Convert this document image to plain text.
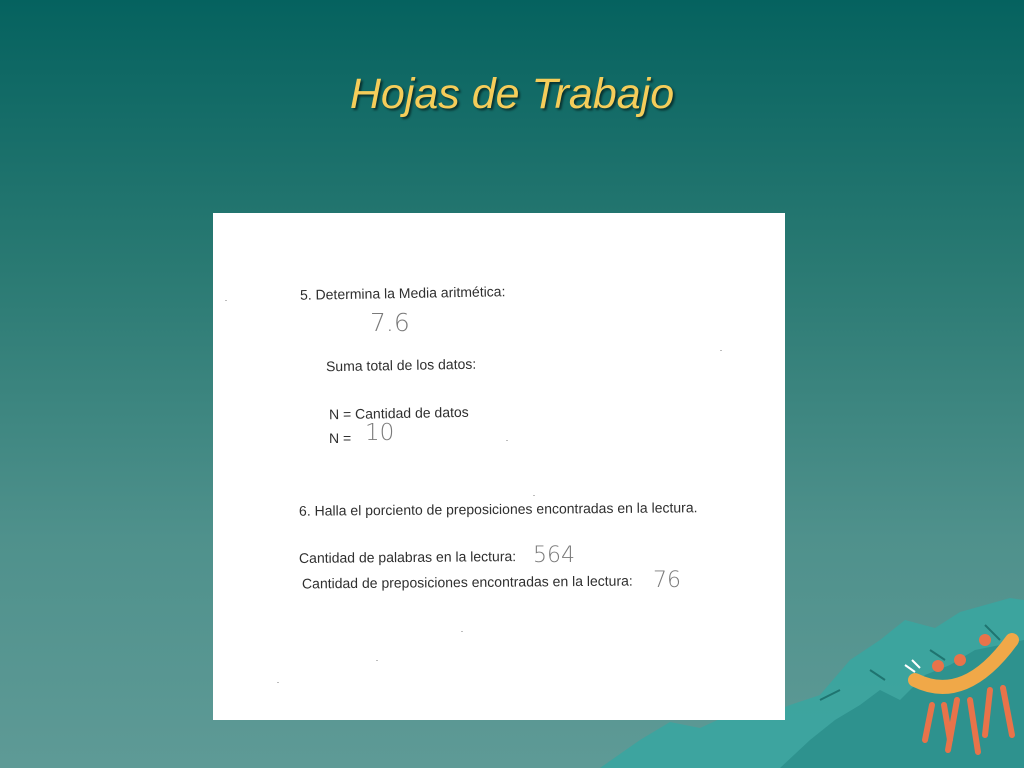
Hojas de Trabajo
5. Determina la Media aritmética:
7.6
Suma total de los datos:
N = Cantidad de datos
N = 10
6. Halla el porciento de preposiciones encontradas en la lectura.
Cantidad de palabras en la lectura: 564
Cantidad de preposiciones encontradas en la lectura: 76
